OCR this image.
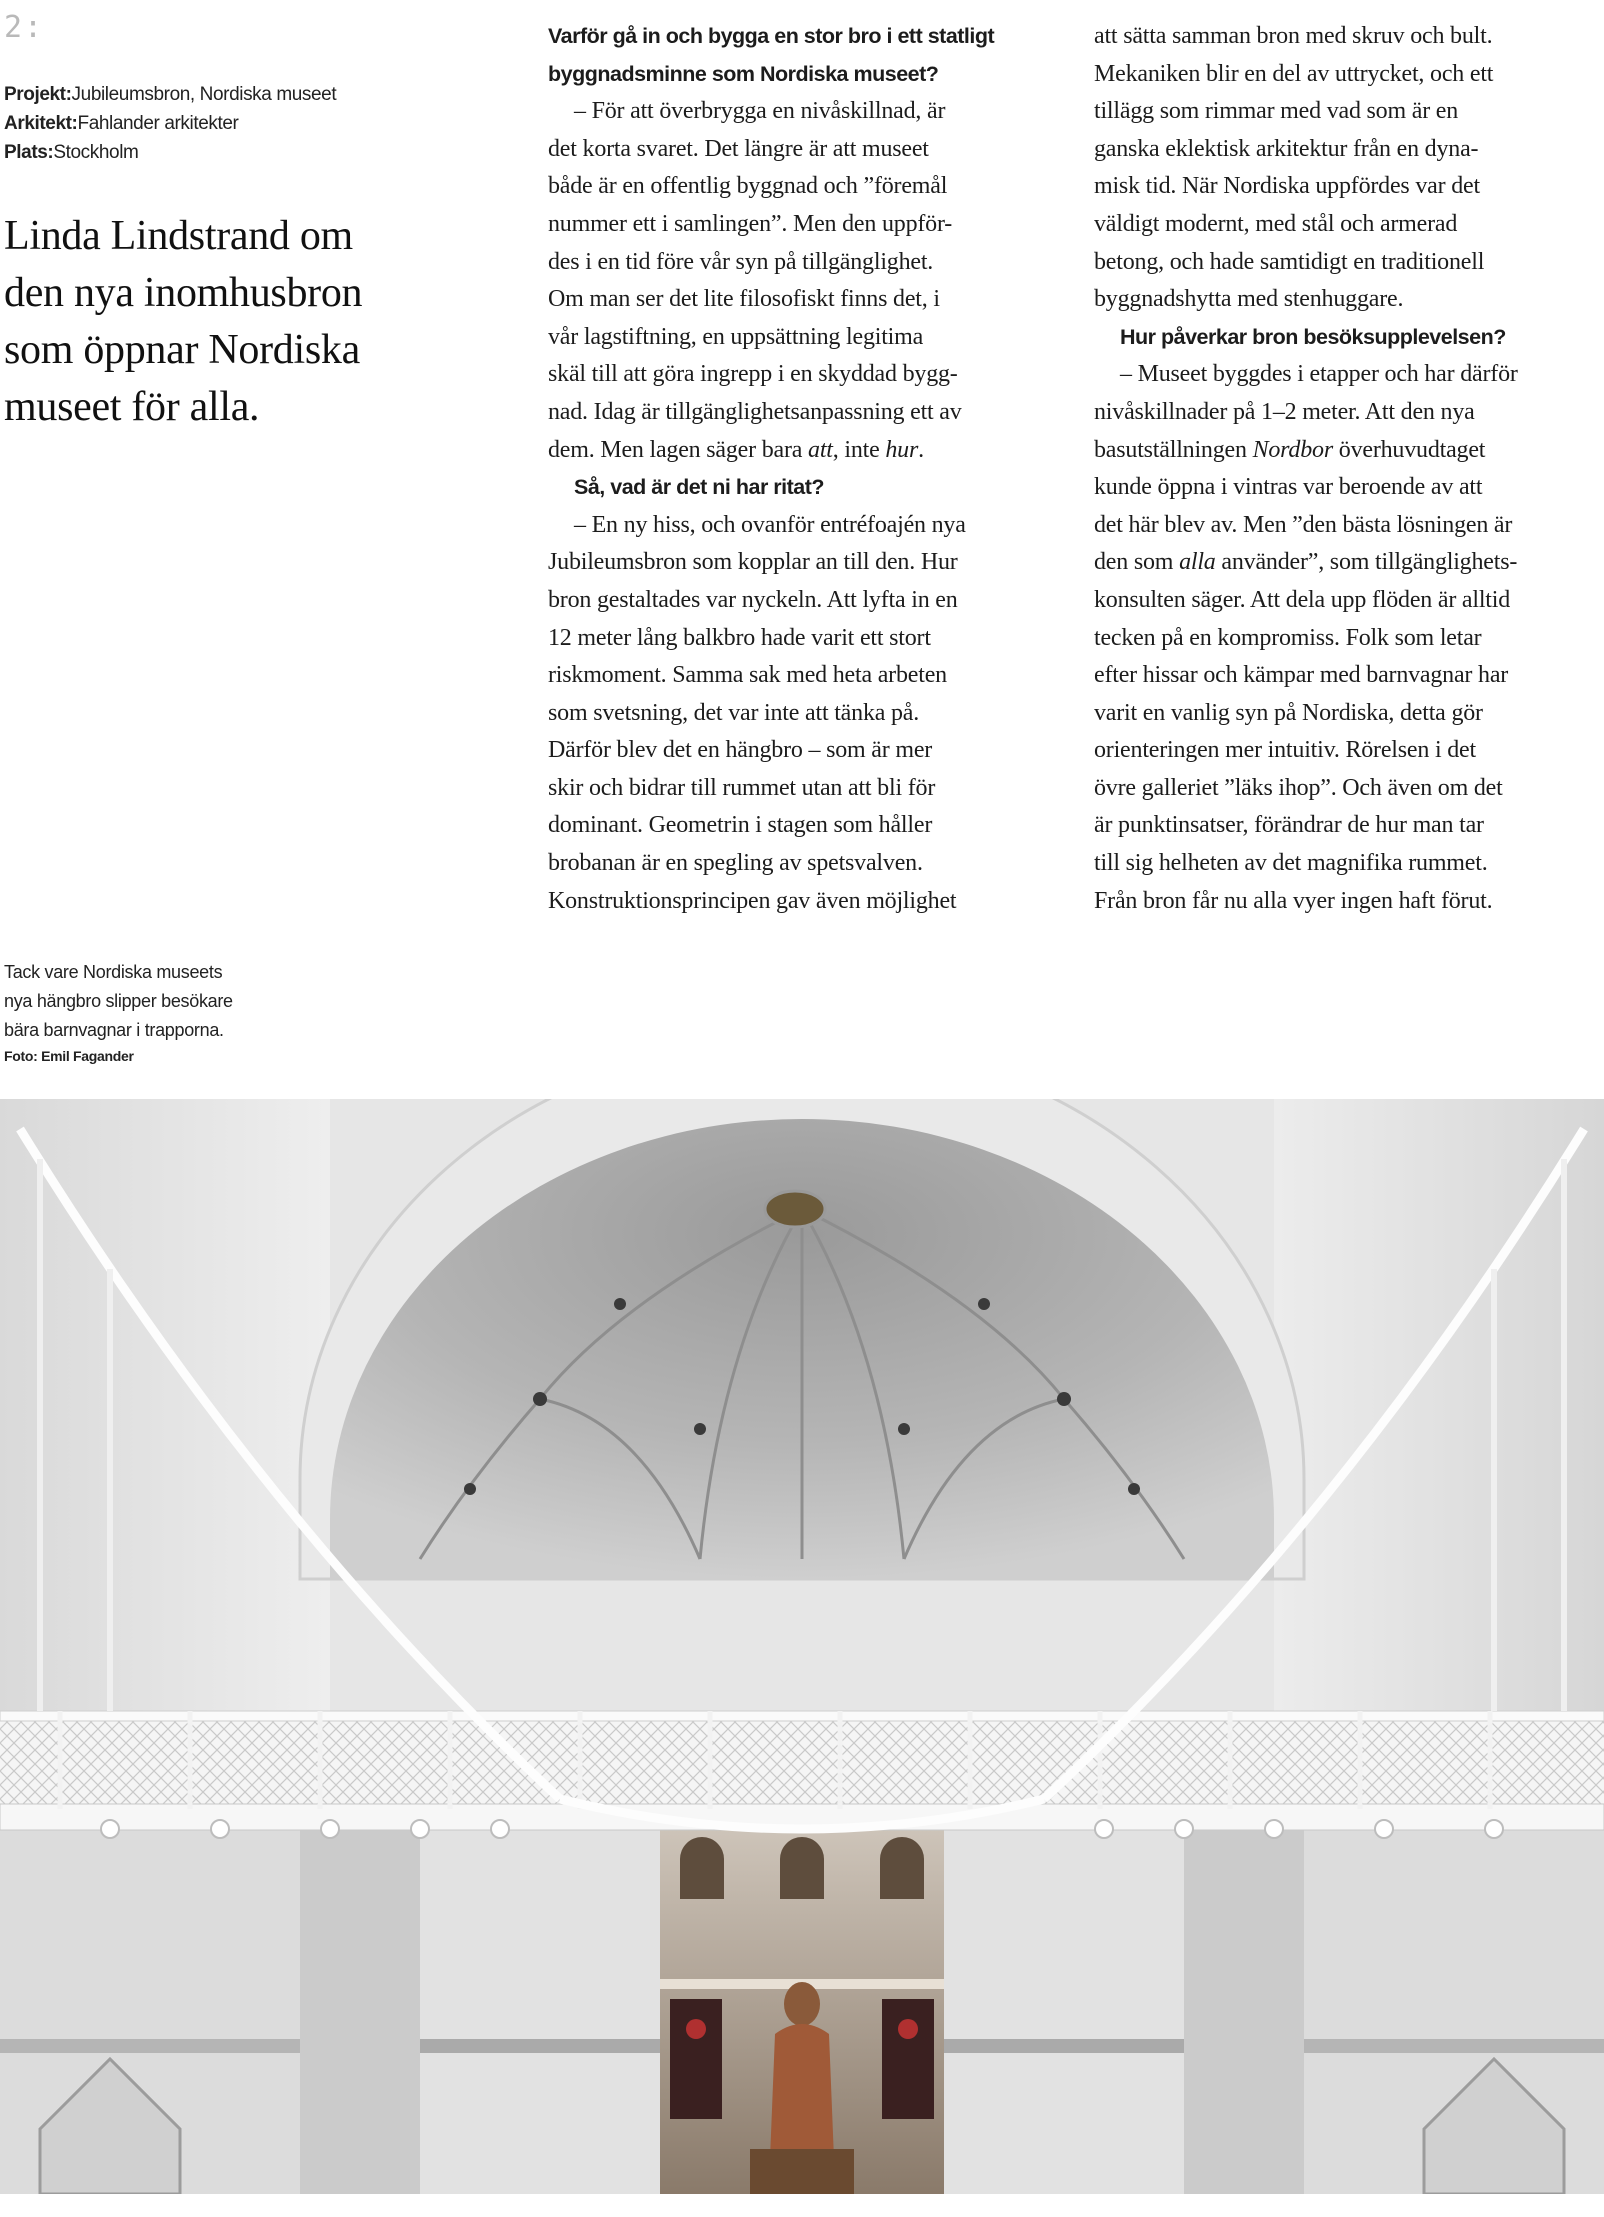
2:
Projekt:Jubileumsbron, Nordiska museet
Arkitekt:Fahlander arkitekter
Plats:Stockholm
Linda Lindstrand om
den nya inomhusbron
som öppnar Nordiska
museet för alla.
Tack vare Nordiska museets
nya hängbro slipper besökare
bära barnvagnar i trapporna.
Foto: Emil Fagander
Varför gå in och bygga en stor bro i ett statligt
byggnadsminne som Nordiska museet?
– För att överbrygga en nivåskillnad, är
det korta svaret. Det längre är att museet
både är en offentlig byggnad och ”föremål
nummer ett i samlingen”. Men den uppför-
des i en tid före vår syn på tillgänglighet.
Om man ser det lite filosofiskt finns det, i
vår lagstiftning, en uppsättning legitima
skäl till att göra ingrepp i en skyddad bygg-
nad. Idag är tillgänglighetsanpassning ett av
dem. Men lagen säger bara att, inte hur.
Så, vad är det ni har ritat?
– En ny hiss, och ovanför entréfoajén nya
Jubileumsbron som kopplar an till den. Hur
bron gestaltades var nyckeln. Att lyfta in en
12 meter lång balkbro hade varit ett stort
riskmoment. Samma sak med heta arbeten
som svetsning, det var inte att tänka på.
Därför blev det en hängbro – som är mer
skir och bidrar till rummet utan att bli för
dominant. Geometrin i stagen som håller
brobanan är en spegling av spetsvalven.
Konstruktionsprincipen gav även möjlighet
att sätta samman bron med skruv och bult.
Mekaniken blir en del av uttrycket, och ett
tillägg som rimmar med vad som är en
ganska eklektisk arkitektur från en dyna-
misk tid. När Nordiska uppfördes var det
väldigt modernt, med stål och armerad
betong, och hade samtidigt en traditionell
byggnadshytta med stenhuggare.
Hur påverkar bron besöksupplevelsen?
– Museet byggdes i etapper och har därför
nivåskillnader på 1–2 meter. Att den nya
basutställningen Nordbor överhuvudtaget
kunde öppna i vintras var beroende av att
det här blev av. Men ”den bästa lösningen är
den som alla använder”, som tillgänglighets-
konsulten säger. Att dela upp flöden är alltid
tecken på en kompromiss. Folk som letar
efter hissar och kämpar med barnvagnar har
varit en vanlig syn på Nordiska, detta gör
orienteringen mer intuitiv. Rörelsen i det
övre galleriet ”läks ihop”. Och även om det
är punktinsatser, förändrar de hur man tar
till sig helheten av det magnifika rummet.
Från bron får nu alla vyer ingen haft förut.
